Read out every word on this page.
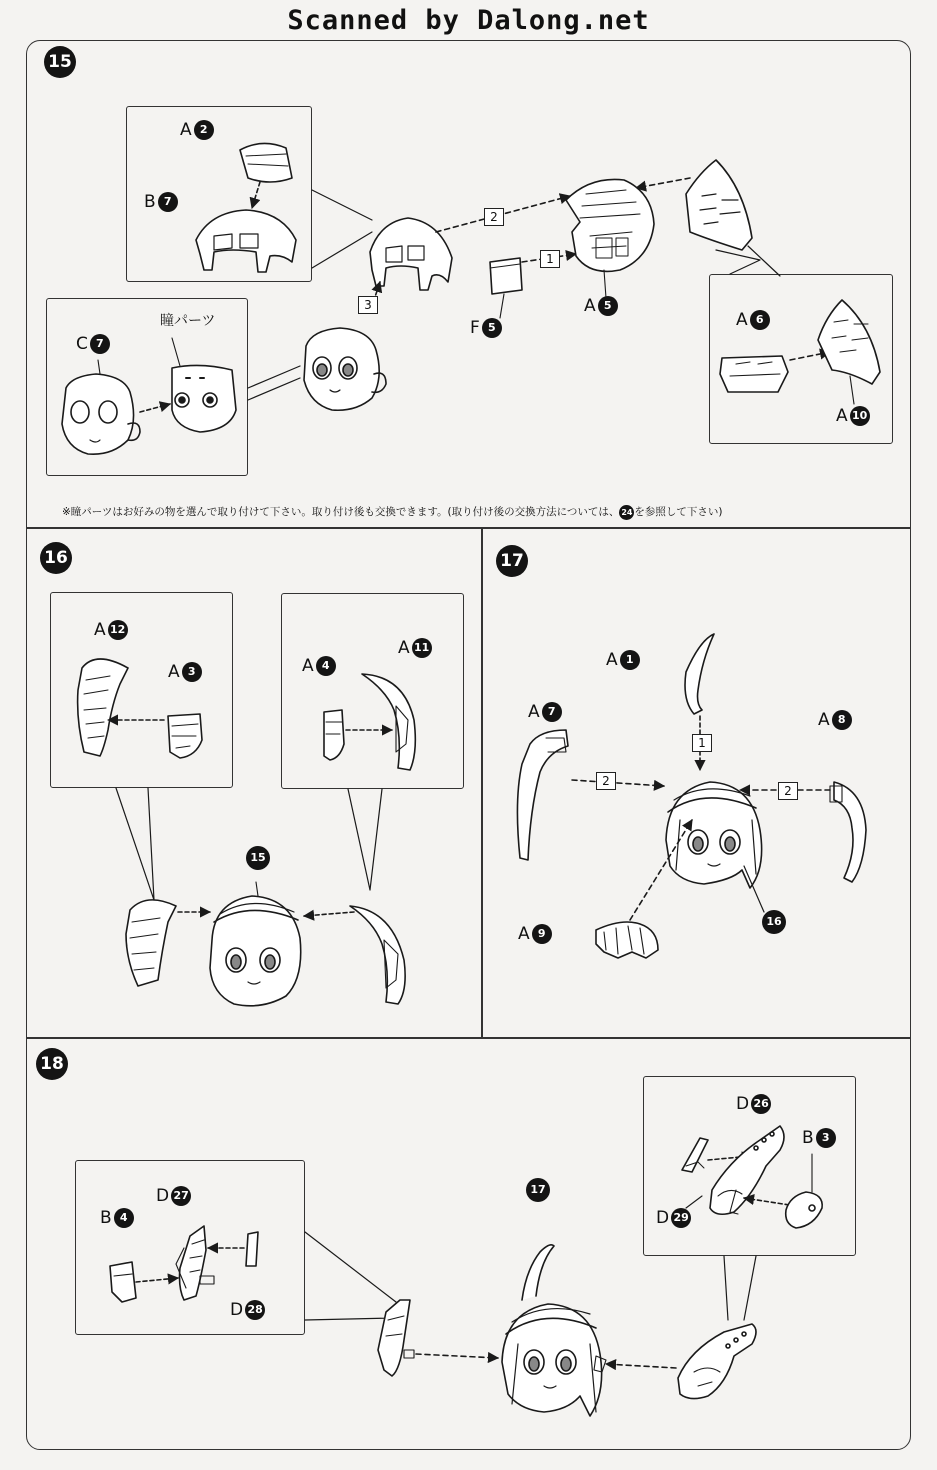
Scanned by Dalong.net
15
16	17
18
A 2
B 7
C 7
瞳パーツ	F 5
A 5
A 6
A 10
1
2
3
※瞳パーツはお好みの物を選んで取り付けて下さい。取り付け後も交換できます。(取り付け後の交換方法については、 24 を参照して下さい)
A 12
A 3	A 4
A 11
15
A 1
A 7	A 8
A 9
16
1
2
2
B 4
D 27
D 28
17
D 26
B 3
D 29
